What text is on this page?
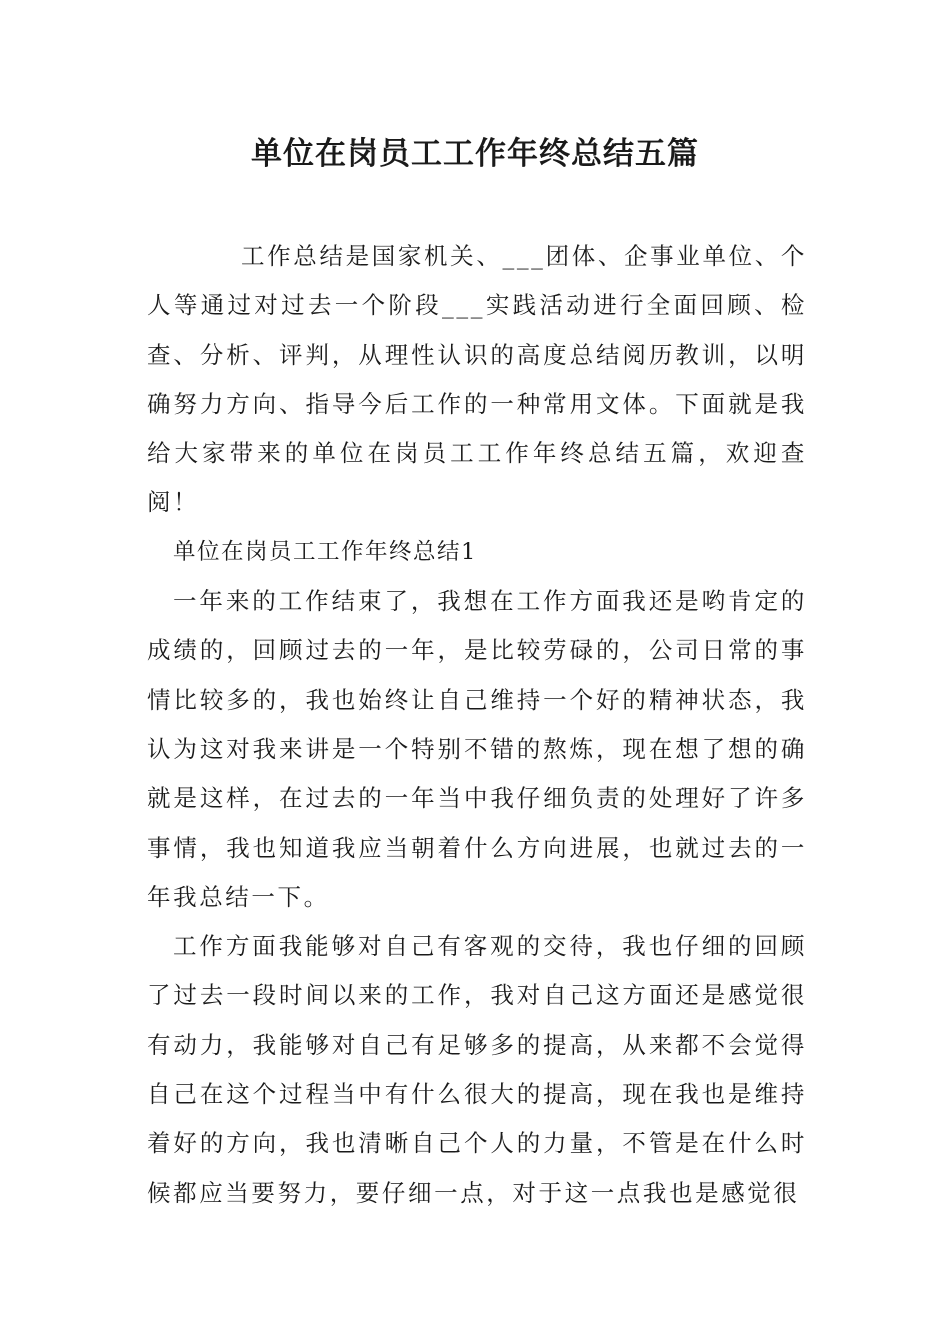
单位在岗员工工作年终总结五篇

工作总结是国家机关、___团体、企事业单位、个人等通过对过去一个阶段___实践活动进行全面回顾、检查、分析、评判，从理性认识的高度总结阅历教训，以明确努力方向、指导今后工作的一种常用文体。下面就是我给大家带来的单位在岗员工工作年终总结五篇，欢迎查阅！

单位在岗员工工作年终总结1

一年来的工作结束了，我想在工作方面我还是哟肯定的成绩的，回顾过去的一年，是比较劳碌的，公司日常的事情比较多的，我也始终让自己维持一个好的精神状态，我认为这对我来讲是一个特别不错的熬炼，现在想了想的确就是这样，在过去的一年当中我仔细负责的处理好了许多事情，我也知道我应当朝着什么方向进展，也就过去的一年我总结一下。

工作方面我能够对自己有客观的交待，我也仔细的回顾了过去一段时间以来的工作，我对自己这方面还是感觉很有动力，我能够对自己有足够多的提高，从来都不会觉得自己在这个过程当中有什么很大的提高，现在我也是维持着好的方向，我也清晰自己个人的力量，不管是在什么时候都应当要努力，要仔细一点，对于这一点我也是感觉很
